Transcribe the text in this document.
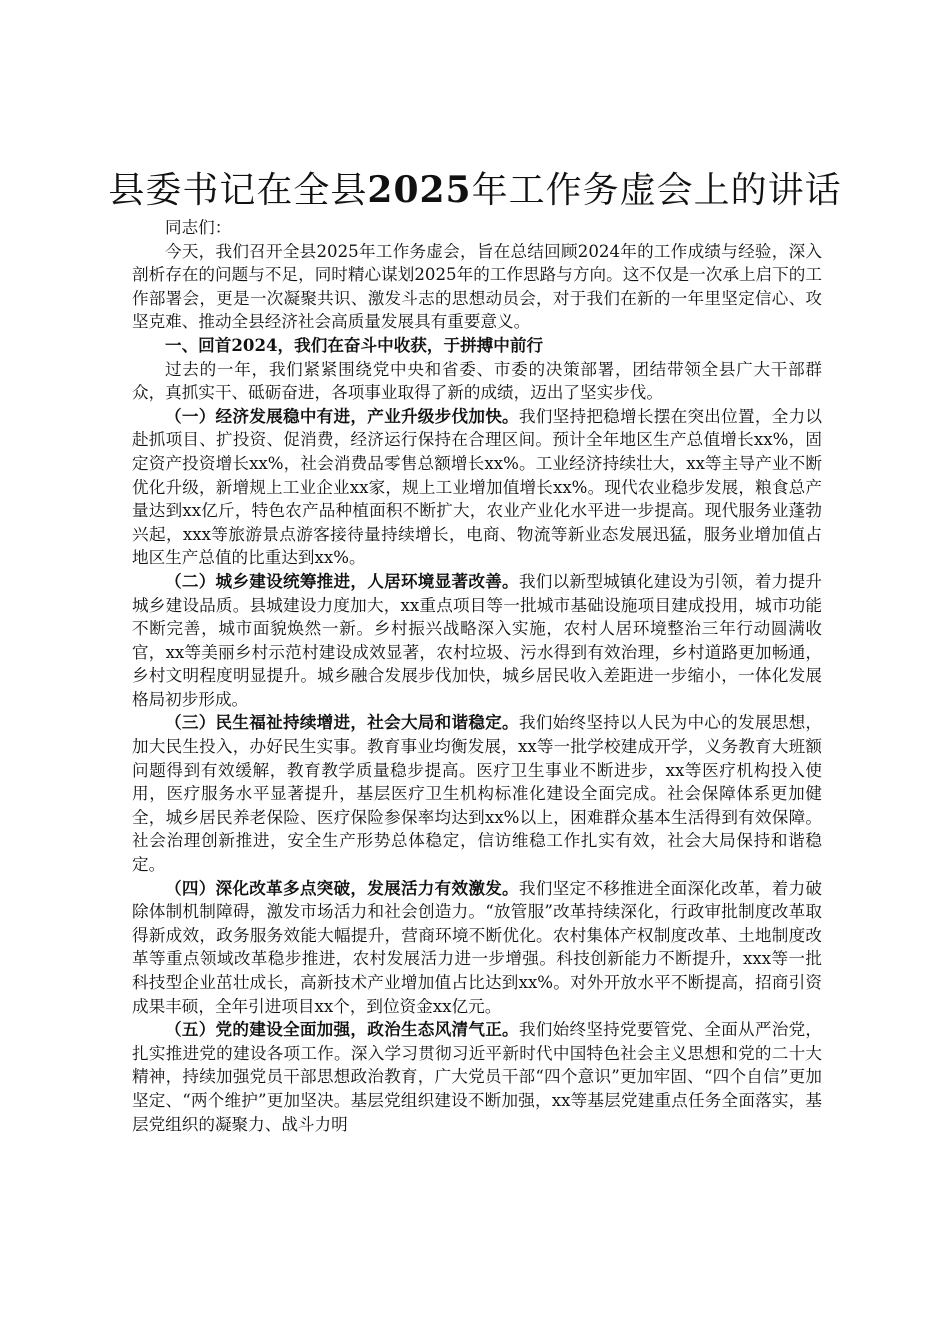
县委书记在全县2025年工作务虚会上的讲话

同志们：

今天，我们召开全县2025年工作务虚会，旨在总结回顾2024年的工作成绩与经验，深入剖析存在的问题与不足，同时精心谋划2025年的工作思路与方向。这不仅是一次承上启下的工作部署会，更是一次凝聚共识、激发斗志的思想动员会，对于我们在新的一年里坚定信心、攻坚克难、推动全县经济社会高质量发展具有重要意义。

一、回首2024，我们在奋斗中收获，于拼搏中前行

过去的一年，我们紧紧围绕党中央和省委、市委的决策部署，团结带领全县广大干部群众，真抓实干、砥砺奋进，各项事业取得了新的成绩，迈出了坚实步伐。

（一）经济发展稳中有进，产业升级步伐加快。我们坚持把稳增长摆在突出位置，全力以赴抓项目、扩投资、促消费，经济运行保持在合理区间。预计全年地区生产总值增长xx%，固定资产投资增长xx%，社会消费品零售总额增长xx%。工业经济持续壮大，xx等主导产业不断优化升级，新增规上工业企业xx家，规上工业增加值增长xx%。现代农业稳步发展，粮食总产量达到xx亿斤，特色农产品种植面积不断扩大，农业产业化水平进一步提高。现代服务业蓬勃兴起，xxx等旅游景点游客接待量持续增长，电商、物流等新业态发展迅猛，服务业增加值占地区生产总值的比重达到xx%。

（二）城乡建设统筹推进，人居环境显著改善。我们以新型城镇化建设为引领，着力提升城乡建设品质。县城建设力度加大，xx重点项目等一批城市基础设施项目建成投用，城市功能不断完善，城市面貌焕然一新。乡村振兴战略深入实施，农村人居环境整治三年行动圆满收官，xx等美丽乡村示范村建设成效显著，农村垃圾、污水得到有效治理，乡村道路更加畅通，乡村文明程度明显提升。城乡融合发展步伐加快，城乡居民收入差距进一步缩小，一体化发展格局初步形成。

（三）民生福祉持续增进，社会大局和谐稳定。我们始终坚持以人民为中心的发展思想，加大民生投入，办好民生实事。教育事业均衡发展，xx等一批学校建成开学，义务教育大班额问题得到有效缓解，教育教学质量稳步提高。医疗卫生事业不断进步，xx等医疗机构投入使用，医疗服务水平显著提升，基层医疗卫生机构标准化建设全面完成。社会保障体系更加健全，城乡居民养老保险、医疗保险参保率均达到xx%以上，困难群众基本生活得到有效保障。社会治理创新推进，安全生产形势总体稳定，信访维稳工作扎实有效，社会大局保持和谐稳定。

（四）深化改革多点突破，发展活力有效激发。我们坚定不移推进全面深化改革，着力破除体制机制障碍，激发市场活力和社会创造力。“放管服”改革持续深化，行政审批制度改革取得新成效，政务服务效能大幅提升，营商环境不断优化。农村集体产权制度改革、土地制度改革等重点领域改革稳步推进，农村发展活力进一步增强。科技创新能力不断提升，xxx等一批科技型企业茁壮成长，高新技术产业增加值占比达到xx%。对外开放水平不断提高，招商引资成果丰硕，全年引进项目xx个，到位资金xx亿元。

（五）党的建设全面加强，政治生态风清气正。我们始终坚持党要管党、全面从严治党，扎实推进党的建设各项工作。深入学习贯彻习近平新时代中国特色社会主义思想和党的二十大精神，持续加强党员干部思想政治教育，广大党员干部“四个意识”更加牢固、“四个自信”更加坚定、“两个维护”更加坚决。基层党组织建设不断加强，xx等基层党建重点任务全面落实，基层党组织的凝聚力、战斗力明
